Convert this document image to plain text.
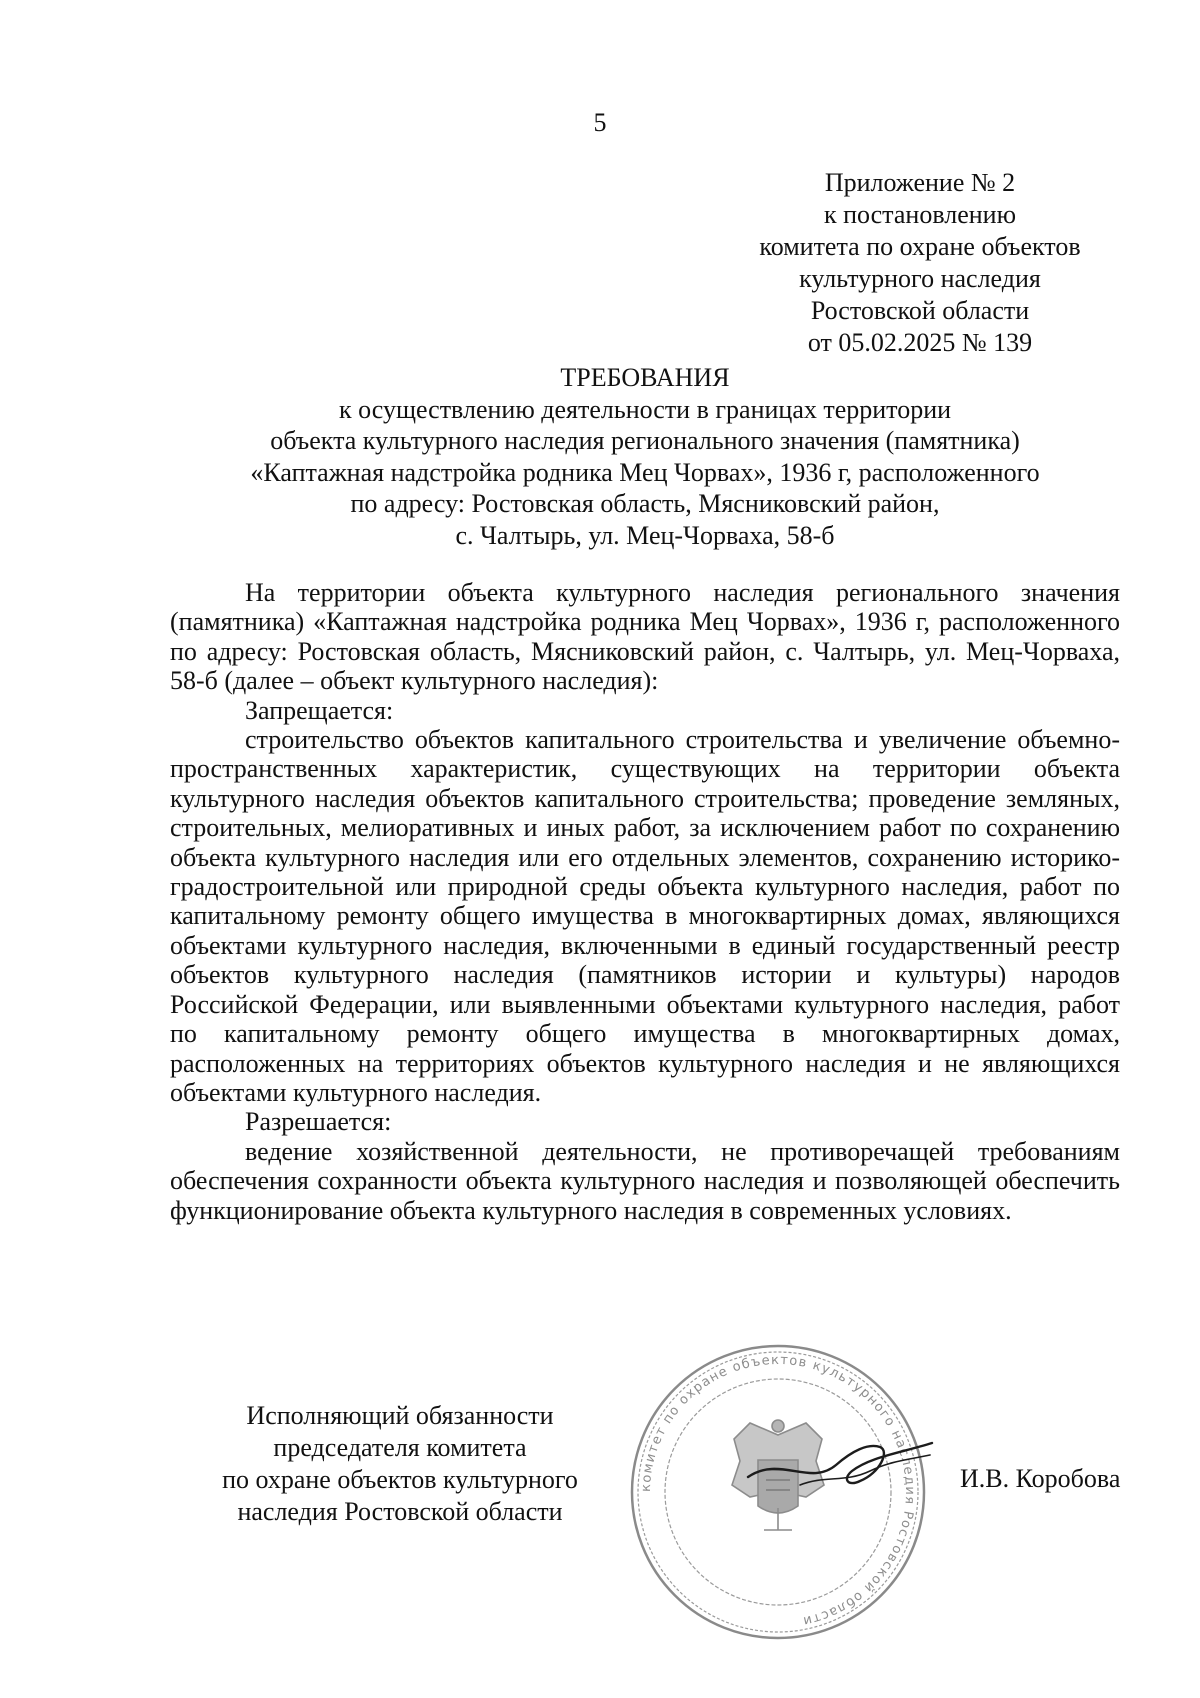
5
Приложение № 2
к постановлению
комитета по охране объектов
культурного наследия
Ростовской области
от 05.02.2025 № 139
ТРЕБОВАНИЯ
к осуществлению деятельности в границах территории
объекта культурного наследия регионального значения (памятника)
«Каптажная надстройка родника Мец Чорвах», 1936 г, расположенного
по адресу: Ростовская область, Мясниковский район,
с. Чалтырь, ул. Мец-Чорваха, 58-б

На территории объекта культурного наследия регионального значения (памятника) «Каптажная надстройка родника Мец Чорвах», 1936 г, расположенного по адресу: Ростовская область, Мясниковский район, с. Чалтырь, ул. Мец-Чорваха, 58-б (далее – объект культурного наследия):

Запрещается:

строительство объектов капитального строительства и увеличение объемно-пространственных характеристик, существующих на территории объекта культурного наследия объектов капитального строительства; проведение земляных, строительных, мелиоративных и иных работ, за исключением работ по сохранению объекта культурного наследия или его отдельных элементов, сохранению историко-градостроительной или природной среды объекта культурного наследия, работ по капитальному ремонту общего имущества в многоквартирных домах, являющихся объектами культурного наследия, включенными в единый государственный реестр объектов культурного наследия (памятников истории и культуры) народов Российской Федерации, или выявленными объектами культурного наследия, работ по капитальному ремонту общего имущества в многоквартирных домах, расположенных на территориях объектов культурного наследия и не являющихся объектами культурного наследия.

Разрешается:

ведение хозяйственной деятельности, не противоречащей требованиям обеспечения сохранности объекта культурного наследия и позволяющей обеспечить функционирование объекта культурного наследия в современных условиях.

Исполняющий обязанности
председателя комитета
по охране объектов культурного
наследия Ростовской области
комитет по охране объектов культурного наследия Ростовской области
И.В. Коробова
